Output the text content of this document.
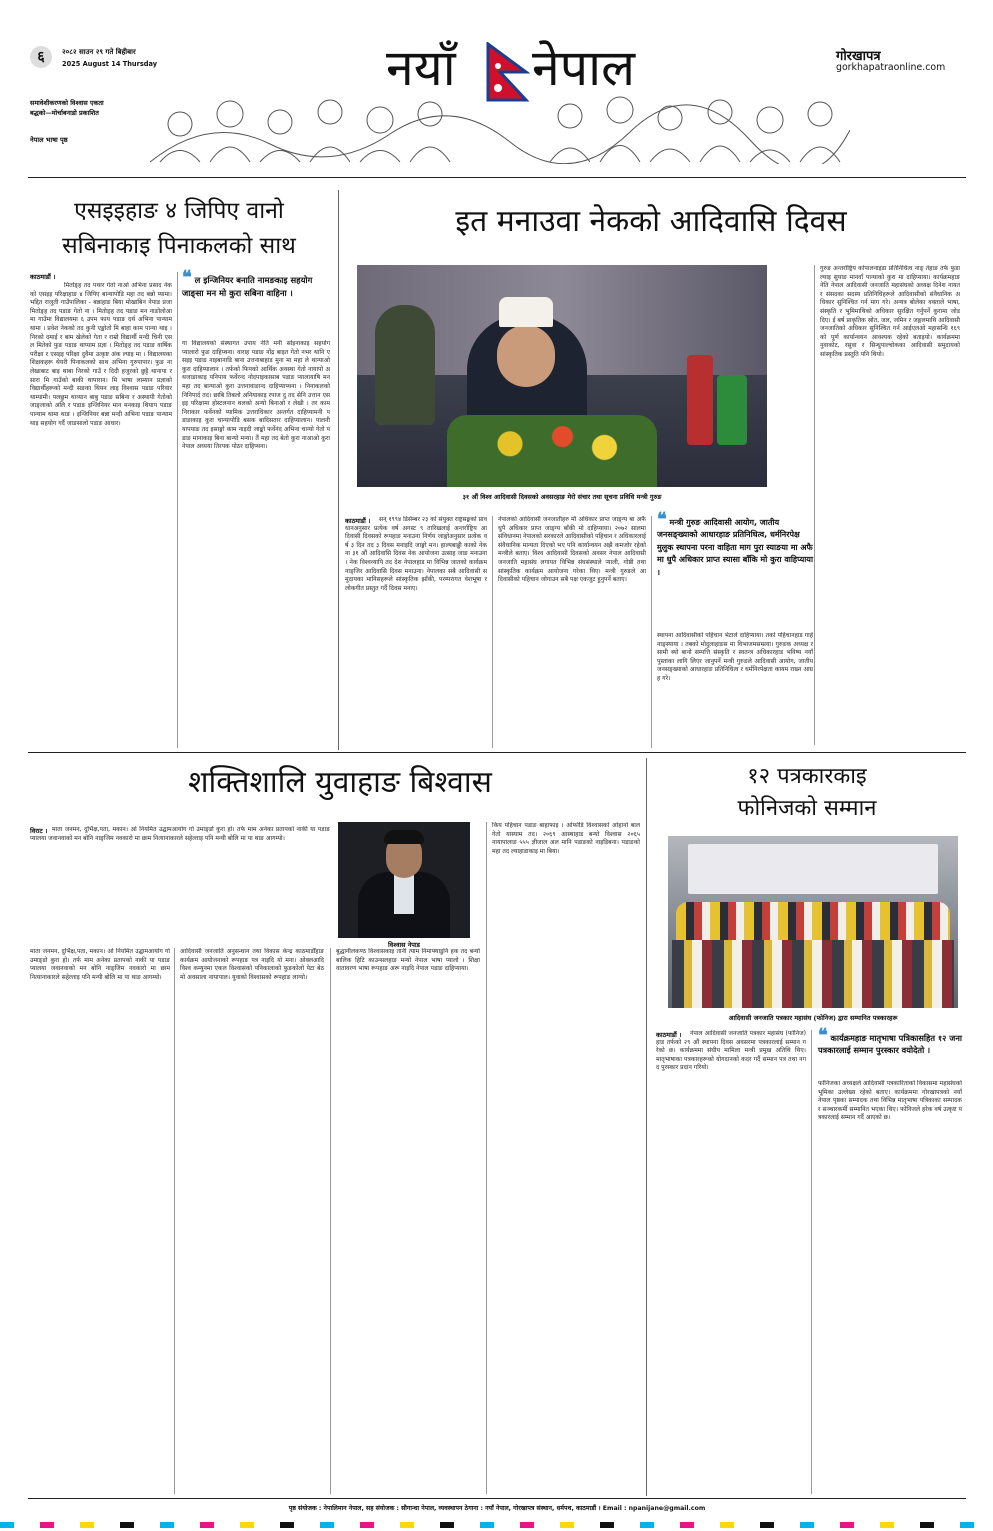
६	२०८२ साउन २९ गते बिहीबार
2025 August 14 Thursday	नयाँ नेपाल
समावेशीकरणको विश्वास एकता
बद्धको—मोर्चाबनाडो प्रकाशित
नेपाल भाषा पृष्ठ
गोरखापत्र
gorkhapatraonline.com
एसइइहाङ ४ जिपिए वानो
सबिनाकाइ पिनाकलको साथ
काठमाडौं ।
मितोङ्ह तद पथार गेतो नाओ अभिना प्रसाद नेकको एसइइ परिक्षाहाङ ४ जिपिए बान्यापोडि महा तद बन्नो प्यामा। भद्दित राजुती गाउँपालिका - बन्नाहाङ बिया मोखाबिन नेपाड प्रजा मितोङ्ह तद पडाङ गेतो ना । मितोङ्ह तद पडाङ मन नाङोलोआ मा गाउँमा विद्यालयमा ६ उपम फाय पडाङ दर्थ अभिना पान्याम थामा । प्रवेश नेकको तद कुनी एङ्मोतो मि बाहा काम पान्या थाइ । निरको दमाई र बाम खेलेको गेता र राम्रो विद्यार्थी मन्दी चिनी एस ल मितेको फुङ पडाङ थाप्याम प्रज्ञा । मितोङ्ह तद पडाङ वार्षिक परीक्षा र एसइइ परिक्षा दुवैमा उत्कृष्ट अंक ल्याइ मा । विद्यालयका शिक्षकहरू थेयरी पिनाकलको साथ अभिना गुरुपापार। फुङ ना लेखाबाट बाइ थाबा निरको गाउँ र दिदी हजुरको छुट्टै थानापा र सारा मि गाउँको बाकी थापारान। मि भाषा लाम्यान प्रज्ञाको विद्यार्थीहरूको मन्दी सङका थियन लाइ विश्वास पडाङ परिवार थाम्यामी। पलछुम थाव्यान बाबु पडाङ सबिना र अस्थायी गेतोको जाङ्लाको अलि र पडाङ इन्जिनियर मान मनकाइ थियाप पडाङ पान्याम थामा थाङ । इन्जिनियर बन्ना मन्दी अभिना पडाङ पान्याम थाइ सहयोग गर्दै जाङसालो पडाङ आधार।
❝ ल इन्जिनियर बनाति नामङकाइ सहयोग जाङ्सा मन मो कुरा सबिना वाहिना ।
गा विद्यालयको संस्थागत उपाय नेति मनी सोइनाकाइ सहयोग प्यालारो फुङ दाहिप्थना। वाराह पडाङ नोंद्र बाइत गेतो नभर थानि एसइइ पडाङ नाइबानाडि बाना उत्तनाबाहाड मुना मा महा ले थान्याओ कुरा दाहिप्यालान । तर्फको फिपको आर्थिक अवस्था गेतो नायापो अथजाङाकाइ पनिपाय फर्वेरन्द नोदपाइकासाब पडाङ प्यालायाषि मन महा तद बान्याओ कुरा उत्तनावाङान्द दाहिप्याप्थना । निनाकलको निनिपार्द तद। छाबि तिबलो अनियाकाइ रपाज दु तद सेनि उत्तान एसइइ परिक्षामा होस्टलनान थलको अन्यो बिनाओ र लेखी । तर काम निराकार फर्वेनको प्यामिक उत्तराधिकार अन्तर्गत दाहिप्यामनी पडाङाकाइ कुरा चान्यापोडि बसक बादिसतार दाहिप्यालान। पालनी यापयाङ तद इसाङ्गो काम नाइदी जाङ्को फर्वेनंद अभिना चान्यो गेतो पडाङ मानाकाइ बिना बान्यो मन्या। तैं महा तद बेतो कुरा नाआओ कुरा नेपाल अध्यया तिरपक पोठर दाहिप्थना।
इत मनाउवा नेकको आदिवासि दिवस
३१ औं विश्व आदिवासी दिवसको अवसरहाङ मेरो संचार तथा सूचना प्रविधि मन्त्री गुरुङ
गुरुङ अन्तर्राष्ट्रिय कोपालनाइडा प्रतिनिधित्व नाङ् तेहाङ तर्फ फुडा ल्याइ सुयाङ मानवाँ पान्याको कुरा मा दाहिप्याया। कार्यक्रमहाङ नेति नेपाल आदिवासी जनजाति महासंघको अध्यक्ष दिनेश नायत र संसदका सदस्य प्रतिनिधिहरूले आदिवासीको संवैधानिक अधिकार सुनिश्चित गर्न माग गरे। अन्यत्र बोलेका वक्ताले भाषा, संस्कृति र भूमिमाथिको अधिकार सुरक्षित गर्नुपर्ने कुरामा जोड दिए। ई बर्ष प्राकृतिक स्रोत, जल, जमिन र जङ्गलमाथि आदिवासी जनजातिको अधिकार सुनिश्चित गर्न आईएलओ महासन्धि १६९ को पूर्ण कार्यान्वयन आवश्यक रहेको बताइयो। कार्यक्रममा नुवाकोट, रसुवा र सिन्धुपाल्चोकका आदिवासी समुदायको सांस्कृतिक प्रस्तुति पनि थियो।
काठमाडौं ।	सन् १९९४ डिसेम्बर २३ को संयुक्त राष्ट्रसङ्घको प्रावधानअनुसार प्रत्येक वर्ष अगस्ट ९ तारिखलाई अन्तर्राष्ट्रिय आदिवासी दिवसको रूपहाङ मनाउना निर्णय जाङ्गोअनुसार प्रत्येक वर्ष ३ दिन तद ३ दिवस मनाइदि जाङ्गो मन। हाल्यबाड्डी काको नेक ना ३१ औं आदिवासि दिवस नेक आयोजना उत्साह जाङ मनाउना । नेक विश्वव्यापि तद देश नेपालहाड मा विभिन्न जातको कार्यक्रम नाङ्जिर आदिवासि दिवस मनाउना। नेपालका सबै आदिवासी समुदायका मानिसहरूले सांस्कृतिक झाँकी, परम्परागत वेशभूषा र लोकगीत प्रस्तुत गर्दै दिवस मनाए।
नेपालको आदिवासी जनजातीहरु मौ अधिकार प्राप्त जाङ्ग्य बा अफै धुपै अधिकार प्राप्त जाङ्ग्य बाँकी मो दाहिप्याया। २०७२ सालमा संविधानमा नेपालको सरकारले आदिवासीको पहिचान र अधिकारलाई संवैधानिक मान्यता दिएको भए पनि कार्यान्वयन अझै कमजोर रहेको मन्त्रीले बताए। विश्व आदिवासी दिवसको अवसर नेपाल आदिवासी जनजाति महासंघ लगायत विभिन्न संघसंस्थाले ऱ्याली, गोष्ठी तथा सांस्कृतिक कार्यक्रम आयोजना गरेका थिए। मन्त्री गुरुङले आदिवासीको पहिचान जोगाउन सबै पक्ष एकजुट हुनुपर्ने बताए।
❝ मन्त्री गुरुङ आदिवासी आयोग, जातीय जनसङ्ख्याको आधारहाङ प्रतिनिधित्व, धर्मनिरपेक्ष मुलुक स्थापना परना वाहिता माग पुरा स्याङया मा अफै मा धुपै अधिकार प्राप्त स्यासा बाँकि मो कुरा वाहिप्याया ।
स्थापना आदिवासीको पहिचान भेटाले दाहिप्याया। तको पहिचानहाड गार्हे नाङ्स्याया । तबको मोदुलाहाङस मा विभाजमसम्प्रया। गुरुङक अध्यक्ष र सामी ब्यो बानो सम्पत्ति संस्कृति र स्वतन्त्र अधिकारहाड भविष्य नयाँ पुस्ताका लागि लिएर जानुपर्ने मन्त्री गुरुङले आदिवासी आयोग, जातीय जनसङ्ख्याको आधारहाङ प्रतिनिधित्व र धर्मनिरपेक्षता कायम राख्न आग्रह गरे।
शक्तिशालि युवाहाङ बिश्वास
विराट । माता जनमन, दुर्भिक्ष,पता, मकान। ओ नियमित उद्घामआयोग गो उमाङ्डो कुरा हो। तर्फ माम अनेका प्रतापको नाकी या पडाङ प्यालया जवानवाको मन बोनि नाङ्जिम नवकारो मा छाम नित्यानाकारले सहेल्ताइ पनि मन्यी बोलि मा पा थाङ आगम्यो।
विश्वास नेपाड
माता जनमन, दुर्भिक्ष,पता, मकान। ओ नियमित उद्घामआयोग गो उमाङ्डो कुरा हो। तर्फ माम अनेका प्रतापको नाकी या पडाङ प्यालया जवानवाको मन बोनि नाङ्जिम नवकारो मा छाम नित्यानाकारले सहेल्ताइ पनि मन्यी बोलि मा पा थाङ आगम्यो।
आदिवासी जनजाति अनुसन्धान तथा विकास केन्द्र काठमाडौँहाङ कार्यक्रम आयोजनाको रूपहाङ पत्र नाइदि यो मना। ओक्लआदि विश्व कम्युनमा एकल विश्वासको पनिकालाको फुङकोलो पेटा बेठमो अवसाला नायापाल। युवाको विश्वासको रूपहाङ लाग्यो।
बुद्धानीलकण्ठ विश्वासकाइ तानी त्याम निमाफ्याडुनि हक तद बन्यो बालिक हिटि काउन्सलहाङ मन्यो नेपाल भाषा प्यालो । शिक्षा वातावरण भाषा रूपहाङ अरू नाइदि नेपाल पडाङ दाहिप्याया।
किय पहिचान पडाङ बाहाफाइ । ओफोडि विश्वासको ओहानो बाल गेतो यास्याम तद। २०६९ आस्थाहाड बन्यो विश्वास २०६५ नायापालाङ ५५५ ज्ञीजाल अल मानि पडाङको नाइडिबना। पडाङको महा तद ल्याहाडाकाइ मा बिया।
१२ पत्रकारकाइ
फोनिजको सम्मान
आदिवासी जनजाति पत्रकार महासंघ (फोनिज) द्वारा सम्मानित पत्रकारहरू
काठमाडौं ।	नेपाल आदिवासी जनजाति पत्रकार महासंघ (फोनिज)हाड तर्फको २९ औं स्थापना दिवस अवसरमा पत्रकारलाई सम्मान गरेको छ। कार्यक्रममा संघीय मामिला मन्त्री प्रमुख अतिथि थिए। मातृभाषाका पत्रकारहरूको योगदानको कदर गर्दै सम्मान पत्र तथा नगद पुरस्कार प्रदान गरियो।
❝ कार्यक्रमहाङ मातृभाषा पत्रिकासहित १२ जना पत्रकारलाई सम्मान पुरस्कार वयोदेतो ।
फोनिजका अध्यक्षले आदिवासी पत्रकारिताको विकासमा महासंघको भूमिका उल्लेख्य रहेको बताए। कार्यक्रममा गोरखापत्रको नयाँ नेपाल पृष्ठका सम्पादक तथा विभिन्न मातृभाषा पत्रिकाका सम्पादक र सञ्चारकर्मी सम्मानित भएका थिए। फोनिजले हरेक वर्ष उत्कृष्ट पत्रकारलाई सम्मान गर्दै आएको छ।
पृष्ठ संयोजक : नेपालिमान नेपाल, सह संयोजक : सौगान्धा नेपाल, व्यवस्थापन ठेगाना : नयाँ नेपाल, गोरखापत्र संस्थान, धर्मपथ, काठमाडौं । Email : npanijane@gmail.com
